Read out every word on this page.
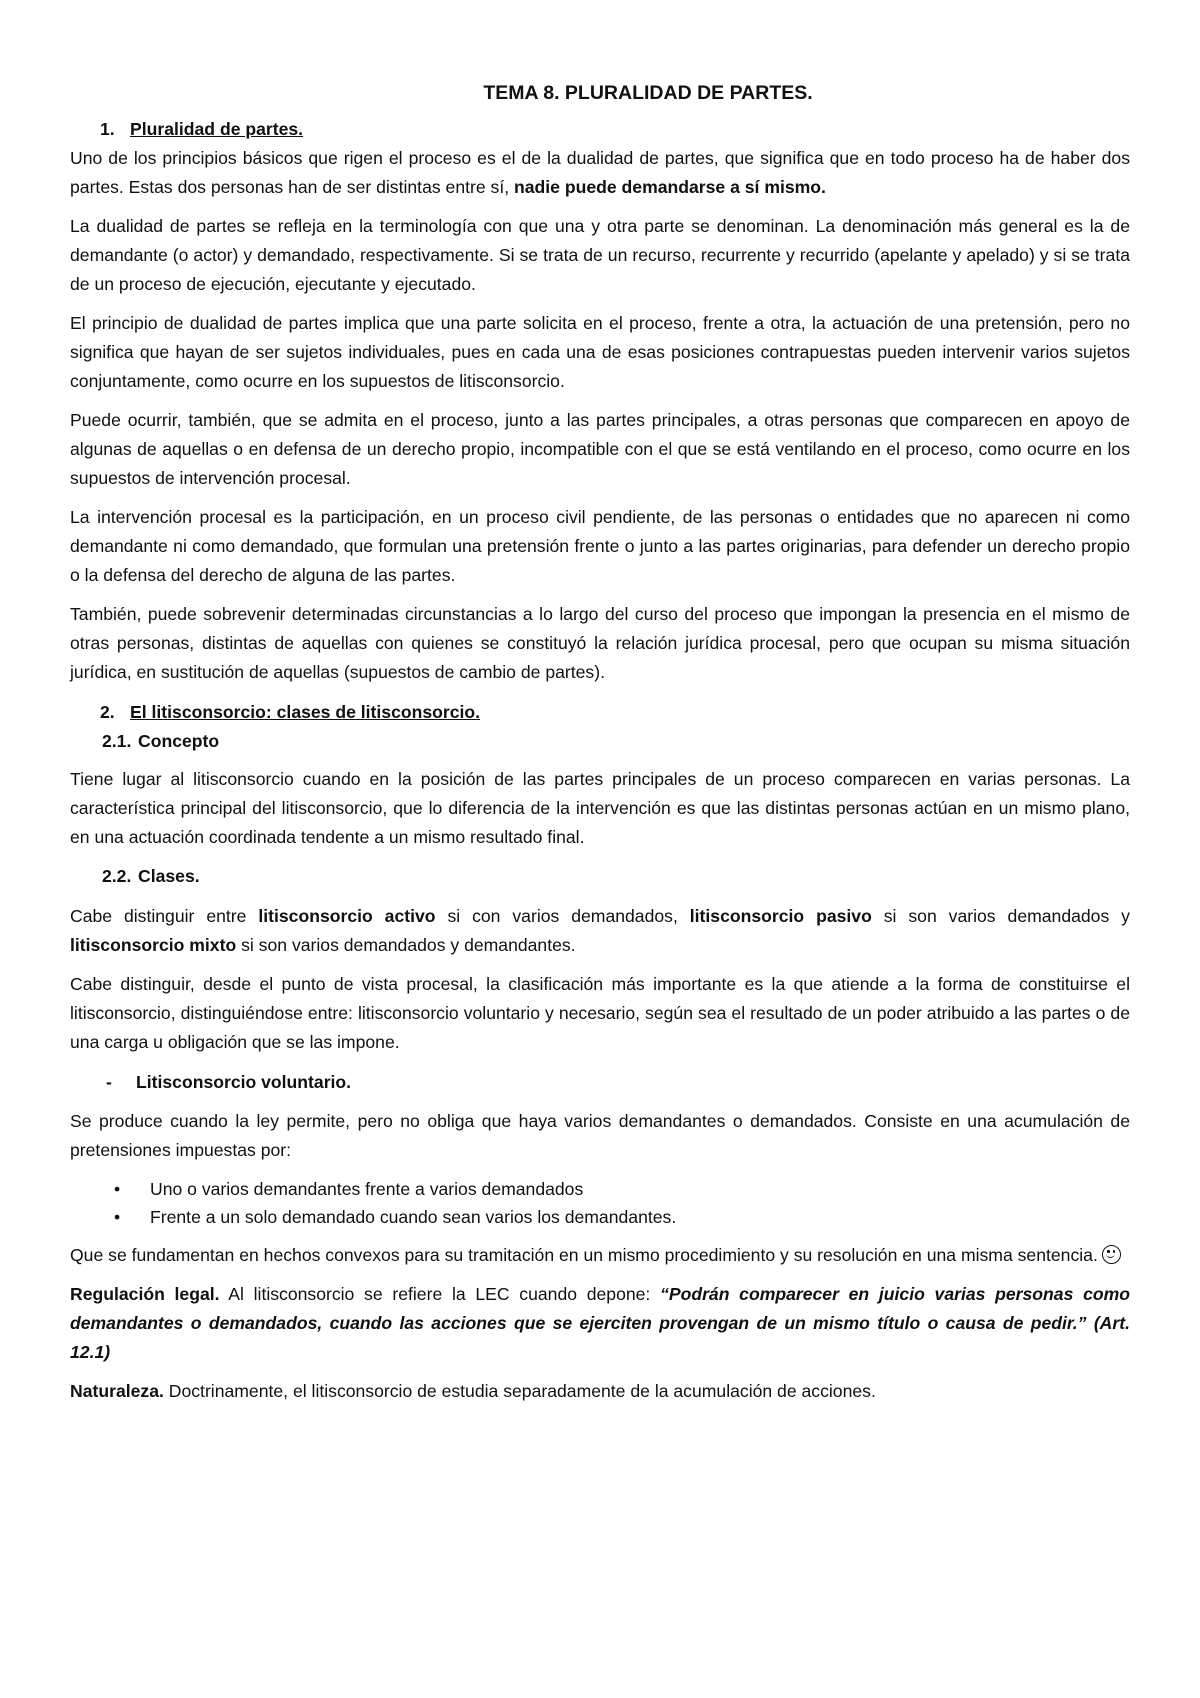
TEMA 8. PLURALIDAD DE PARTES.
1. Pluralidad de partes.

Uno de los principios básicos que rigen el proceso es el de la dualidad de partes, que significa que en todo proceso ha de haber dos partes. Estas dos personas han de ser distintas entre sí, nadie puede demandarse a sí mismo.

La dualidad de partes se refleja en la terminología con que una y otra parte se denominan. La denominación más general es la de demandante (o actor) y demandado, respectivamente. Si se trata de un recurso, recurrente y recurrido (apelante y apelado) y si se trata de un proceso de ejecución, ejecutante y ejecutado.

El principio de dualidad de partes implica que una parte solicita en el proceso, frente a otra, la actuación de una pretensión, pero no significa que hayan de ser sujetos individuales, pues en cada una de esas posiciones contrapuestas pueden intervenir varios sujetos conjuntamente, como ocurre en los supuestos de litisconsorcio.

Puede ocurrir, también, que se admita en el proceso, junto a las partes principales, a otras personas que comparecen en apoyo de algunas de aquellas o en defensa de un derecho propio, incompatible con el que se está ventilando en el proceso, como ocurre en los supuestos de intervención procesal.

La intervención procesal es la participación, en un proceso civil pendiente, de las personas o entidades que no aparecen ni como demandante ni como demandado, que formulan una pretensión frente o junto a las partes originarias, para defender un derecho propio o la defensa del derecho de alguna de las partes.

También, puede sobrevenir determinadas circunstancias a lo largo del curso del proceso que impongan la presencia en el mismo de otras personas, distintas de aquellas con quienes se constituyó la relación jurídica procesal, pero que ocupan su misma situación jurídica, en sustitución de aquellas (supuestos de cambio de partes).

2. El litisconsorcio: clases de litisconsorcio.
2.1. Concepto

Tiene lugar al litisconsorcio cuando en la posición de las partes principales de un proceso comparecen en varias personas. La característica principal del litisconsorcio, que lo diferencia de la intervención es que las distintas personas actúan en un mismo plano, en una actuación coordinada tendente a un mismo resultado final.

2.2. Clases.

Cabe distinguir entre litisconsorcio activo si con varios demandados, litisconsorcio pasivo si son varios demandados y litisconsorcio mixto si son varios demandados y demandantes.

Cabe distinguir, desde el punto de vista procesal, la clasificación más importante es la que atiende a la forma de constituirse el litisconsorcio, distinguiéndose entre: litisconsorcio voluntario y necesario, según sea el resultado de un poder atribuido a las partes o de una carga u obligación que se las impone.

- Litisconsorcio voluntario.

Se produce cuando la ley permite, pero no obliga que haya varios demandantes o demandados. Consiste en una acumulación de pretensiones impuestas por:

• Uno o varios demandantes frente a varios demandados
• Frente a un solo demandado cuando sean varios los demandantes.

Que se fundamentan en hechos convexos para su tramitación en un mismo procedimiento y su resolución en una misma sentencia.

Regulación legal. Al litisconsorcio se refiere la LEC cuando depone: “Podrán comparecer en juicio varias personas como demandantes o demandados, cuando las acciones que se ejerciten provengan de un mismo título o causa de pedir.” (Art. 12.1)

Naturaleza. Doctrinamente, el litisconsorcio de estudia separadamente de la acumulación de acciones.
